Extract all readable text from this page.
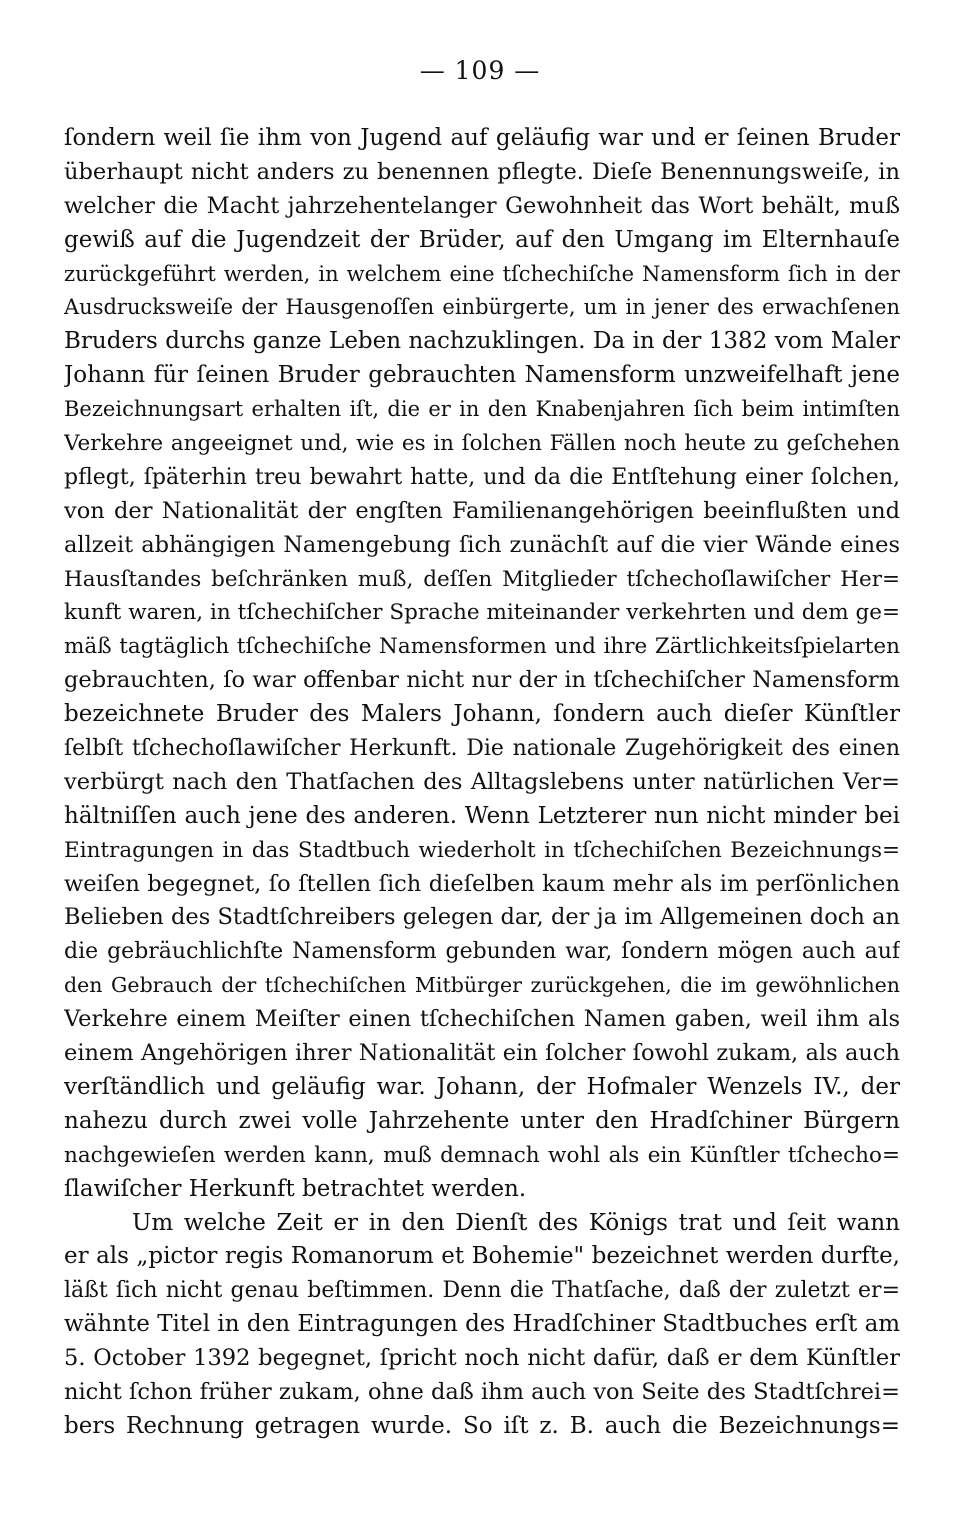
— 109 —
ſondern weil ſie ihm von Jugend auf geläufig war und er ſeinen Bruder
überhaupt nicht anders zu benennen pflegte. Dieſe Benennungsweiſe, in
welcher die Macht jahrzehentelanger Gewohnheit das Wort behält, muß
gewiß auf die Jugendzeit der Brüder, auf den Umgang im Elternhauſe
zurückgeführt werden, in welchem eine tſchechiſche Namensform ſich in der
Ausdrucksweiſe der Hausgenoſſen einbürgerte, um in jener des erwachſenen
Bruders durchs ganze Leben nachzuklingen. Da in der 1382 vom Maler
Johann für ſeinen Bruder gebrauchten Namensform unzweifelhaft jene
Bezeichnungsart erhalten iſt, die er in den Knabenjahren ſich beim intimſten
Verkehre angeeignet und, wie es in ſolchen Fällen noch heute zu geſchehen
pflegt, ſpäterhin treu bewahrt hatte, und da die Entſtehung einer ſolchen,
von der Nationalität der engſten Familienangehörigen beeinflußten und
allzeit abhängigen Namengebung ſich zunächſt auf die vier Wände eines
Hausſtandes beſchränken muß, deſſen Mitglieder tſchechoſlawiſcher Her=
kunft waren, in tſchechiſcher Sprache miteinander verkehrten und dem ge=
mäß tagtäglich tſchechiſche Namensformen und ihre Zärtlichkeitsſpielarten
gebrauchten, ſo war offenbar nicht nur der in tſchechiſcher Namensform
bezeichnete Bruder des Malers Johann, ſondern auch dieſer Künſtler
ſelbſt tſchechoſlawiſcher Herkunft. Die nationale Zugehörigkeit des einen
verbürgt nach den Thatſachen des Alltagslebens unter natürlichen Ver=
hältniſſen auch jene des anderen. Wenn Letzterer nun nicht minder bei
Eintragungen in das Stadtbuch wiederholt in tſchechiſchen Bezeichnungs=
weiſen begegnet, ſo ſtellen ſich dieſelben kaum mehr als im perſönlichen
Belieben des Stadtſchreibers gelegen dar, der ja im Allgemeinen doch an
die gebräuchlichſte Namensform gebunden war, ſondern mögen auch auf
den Gebrauch der tſchechiſchen Mitbürger zurückgehen, die im gewöhnlichen
Verkehre einem Meiſter einen tſchechiſchen Namen gaben, weil ihm als
einem Angehörigen ihrer Nationalität ein ſolcher ſowohl zukam, als auch
verſtändlich und geläufig war. Johann, der Hofmaler Wenzels IV., der
nahezu durch zwei volle Jahrzehente unter den Hradſchiner Bürgern
nachgewieſen werden kann, muß demnach wohl als ein Künſtler tſchecho=
ſlawiſcher Herkunft betrachtet werden.
Um welche Zeit er in den Dienſt des Königs trat und ſeit wann
er als „pictor regis Romanorum et Bohemie" bezeichnet werden durfte,
läßt ſich nicht genau beſtimmen. Denn die Thatſache, daß der zuletzt er=
wähnte Titel in den Eintragungen des Hradſchiner Stadtbuches erſt am
5. October 1392 begegnet, ſpricht noch nicht dafür, daß er dem Künſtler
nicht ſchon früher zukam, ohne daß ihm auch von Seite des Stadtſchrei=
bers Rechnung getragen wurde. So iſt z. B. auch die Bezeichnungs=
